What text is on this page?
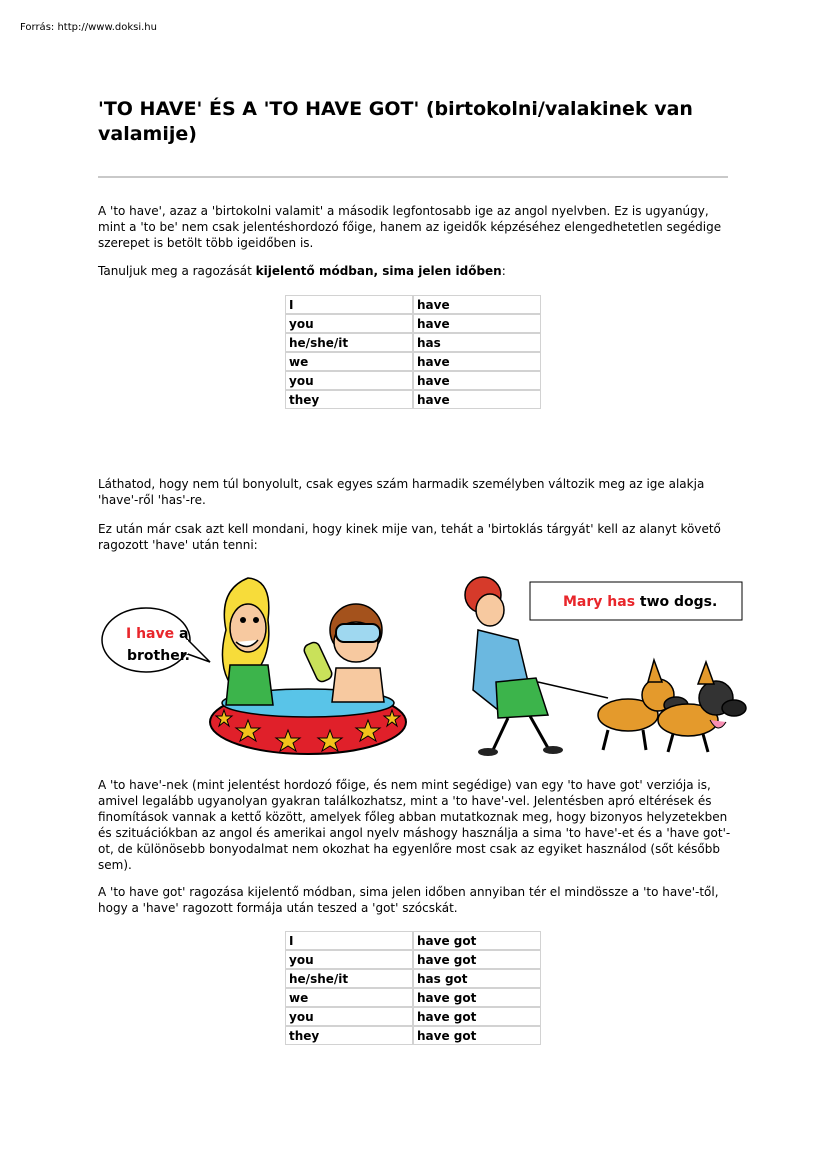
Forrás: http://www.doksi.hu
'TO HAVE' ÉS A 'TO HAVE GOT' (birtokolni/valakinek van valamije)

A 'to have', azaz a 'birtokolni valamit' a második legfontosabb ige az angol nyelvben. Ez is ugyanúgy, mint a 'to be' nem csak jelentéshordozó főige, hanem az igeidők képzéséhez elengedhetetlen segédige szerepet is betölt több igeidőben is.

Tanuljuk meg a ragozását kijelentő módban, sima jelen időben:

I	have
you	have
he/she/it	has
we	have
you	have
they	have

Láthatod, hogy nem túl bonyolult, csak egyes szám harmadik személyben változik meg az ige alakja 'have'-ről 'has'-re.

Ez után már csak azt kell mondani, hogy kinek mije van, tehát a 'birtoklás tárgyát' kell az alanyt követő ragozott 'have' után tenni:

I have a
brother.
Mary has two dogs.

A 'to have'-nek (mint jelentést hordozó főige, és nem mint segédige) van egy 'to have got' verziója is, amivel legalább ugyanolyan gyakran találkozhatsz, mint a 'to have'-vel. Jelentésben apró eltérések és finomítások vannak a kettő között, amelyek főleg abban mutatkoznak meg, hogy bizonyos helyzetekben és szituációkban az angol és amerikai angol nyelv máshogy használja a sima 'to have'-et és a 'have got'-ot, de különösebb bonyodalmat nem okozhat ha egyenlőre most csak az egyiket használod (sőt később sem).

A 'to have got' ragozása kijelentő módban, sima jelen időben annyiban tér el mindössze a 'to have'-től, hogy a 'have' ragozott formája után teszed a 'got' szócskát.

I	have got
you	have got
he/she/it	has got
we	have got
you	have got
they	have got
